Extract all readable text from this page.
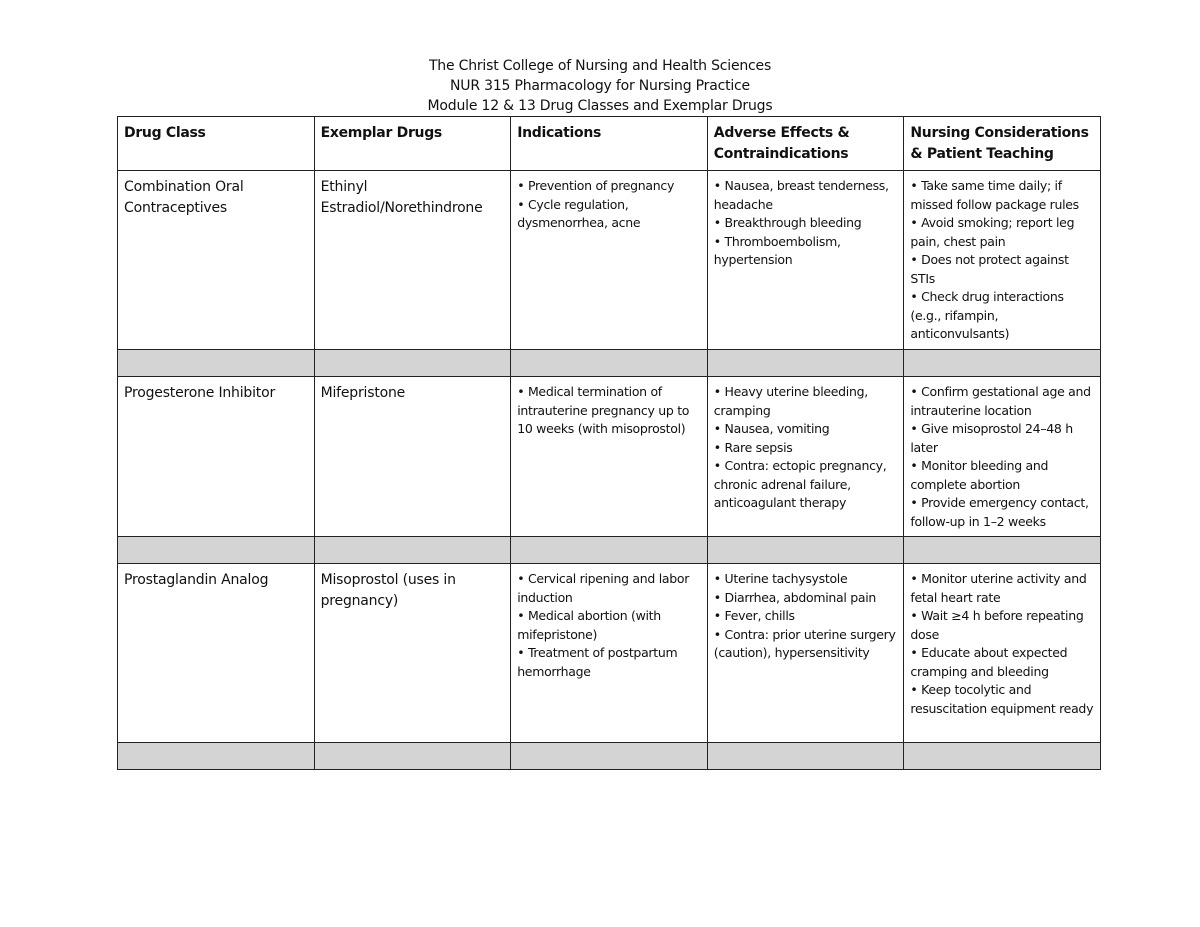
The Christ College of Nursing and Health Sciences
NUR 315 Pharmacology for Nursing Practice
Module 12 & 13 Drug Classes and Exemplar Drugs
Drug Class	Exemplar Drugs	Indications	Adverse Effects &
Contraindications	Nursing Considerations
& Patient Teaching
Combination Oral Contraceptives	Ethinyl Estradiol/Norethindrone	• Prevention of pregnancy
• Cycle regulation, dysmenorrhea, acne	• Nausea, breast tenderness, headache
• Breakthrough bleeding
• Thromboembolism, hypertension	• Take same time daily; if missed follow package rules
• Avoid smoking; report leg pain, chest pain
• Does not protect against STIs
• Check drug interactions (e.g., rifampin, anticonvulsants)

Progesterone Inhibitor	Mifepristone	• Medical termination of intrauterine pregnancy up to 10 weeks (with misoprostol)	• Heavy uterine bleeding, cramping
• Nausea, vomiting
• Rare sepsis
• Contra: ectopic pregnancy, chronic adrenal failure, anticoagulant therapy	• Confirm gestational age and intrauterine location
• Give misoprostol 24–48 h later
• Monitor bleeding and complete abortion
• Provide emergency contact, follow-up in 1–2 weeks

Prostaglandin Analog	Misoprostol (uses in pregnancy)	• Cervical ripening and labor induction
• Medical abortion (with mifepristone)
• Treatment of postpartum hemorrhage	• Uterine tachysystole
• Diarrhea, abdominal pain
• Fever, chills
• Contra: prior uterine surgery (caution), hypersensitivity	• Monitor uterine activity and fetal heart rate
• Wait ≥4 h before repeating dose
• Educate about expected cramping and bleeding
• Keep tocolytic and resuscitation equipment ready
